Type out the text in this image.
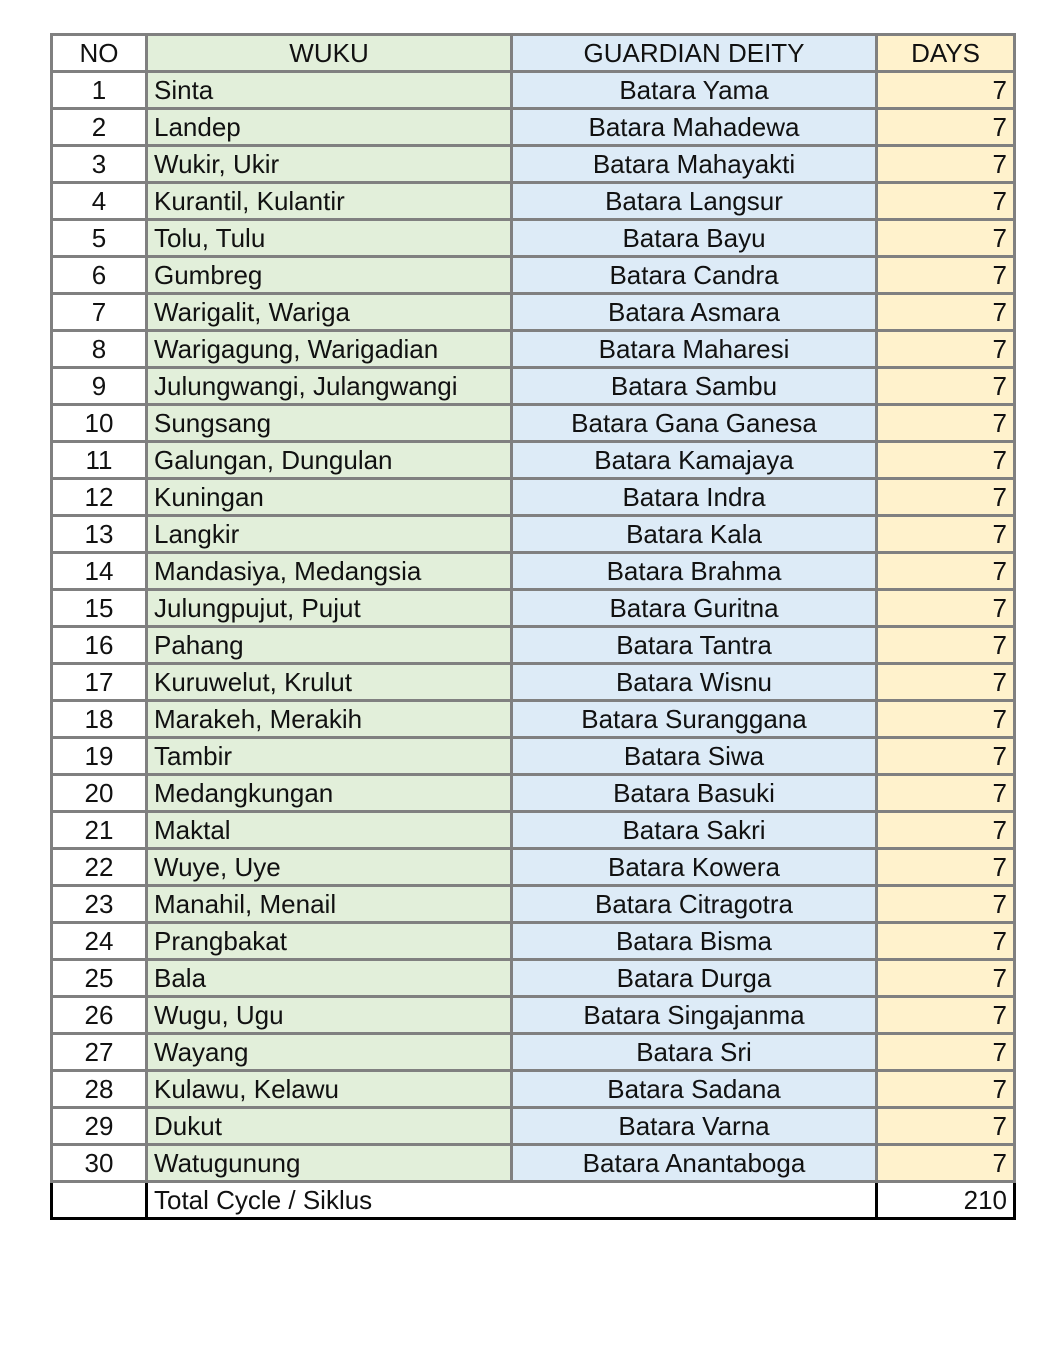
NO	WUKU	GUARDIAN DEITY	DAYS
1	Sinta	Batara Yama	7
2	Landep	Batara Mahadewa	7
3	Wukir, Ukir	Batara Mahayakti	7
4	Kurantil, Kulantir	Batara Langsur	7
5	Tolu, Tulu	Batara Bayu	7
6	Gumbreg	Batara Candra	7
7	Warigalit, Wariga	Batara Asmara	7
8	Warigagung, Warigadian	Batara Maharesi	7
9	Julungwangi, Julangwangi	Batara Sambu	7
10	Sungsang	Batara Gana Ganesa	7
11	Galungan, Dungulan	Batara Kamajaya	7
12	Kuningan	Batara Indra	7
13	Langkir	Batara Kala	7
14	Mandasiya, Medangsia	Batara Brahma	7
15	Julungpujut, Pujut	Batara Guritna	7
16	Pahang	Batara Tantra	7
17	Kuruwelut, Krulut	Batara Wisnu	7
18	Marakeh, Merakih	Batara Suranggana	7
19	Tambir	Batara Siwa	7
20	Medangkungan	Batara Basuki	7
21	Maktal	Batara Sakri	7
22	Wuye, Uye	Batara Kowera	7
23	Manahil, Menail	Batara Citragotra	7
24	Prangbakat	Batara Bisma	7
25	Bala	Batara Durga	7
26	Wugu, Ugu	Batara Singajanma	7
27	Wayang	Batara Sri	7
28	Kulawu, Kelawu	Batara Sadana	7
29	Dukut	Batara Varna	7
30	Watugunung	Batara Anantaboga	7
	Total Cycle / Siklus		210
